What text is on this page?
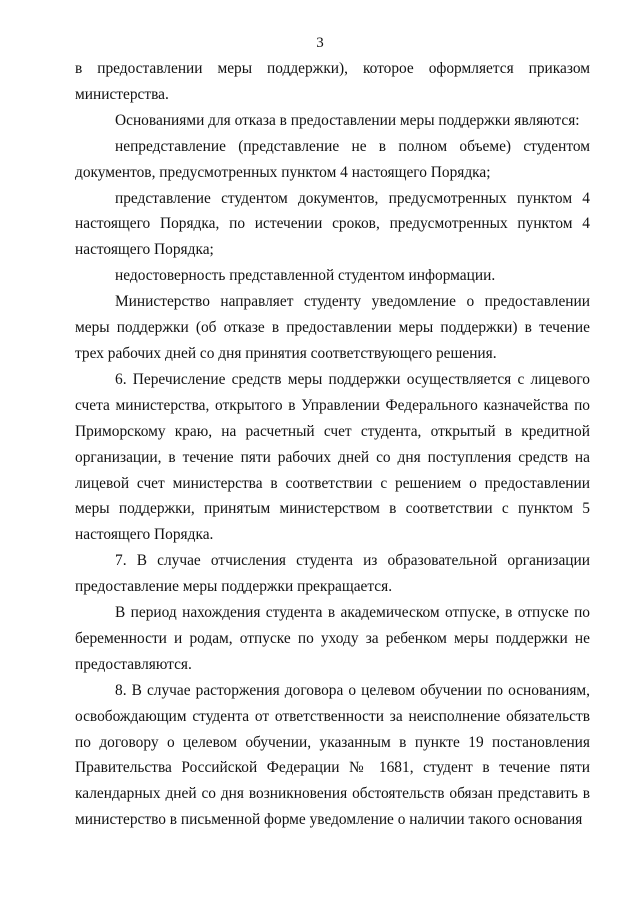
3

в предоставлении меры поддержки), которое оформляется приказом министерства.

Основаниями для отказа в предоставлении меры поддержки являются:

непредставление (представление не в полном объеме) студентом документов, предусмотренных пунктом 4 настоящего Порядка;

представление студентом документов, предусмотренных пунктом 4 настоящего Порядка, по истечении сроков, предусмотренных пунктом 4 настоящего Порядка;

недостоверность представленной студентом информации.

Министерство направляет студенту уведомление о предоставлении меры поддержки (об отказе в предоставлении меры поддержки) в течение трех рабочих дней со дня принятия соответствующего решения.

6. Перечисление средств меры поддержки осуществляется с лицевого счета министерства, открытого в Управлении Федерального казначейства по Приморскому краю, на расчетный счет студента, открытый в кредитной организации, в течение пяти рабочих дней со дня поступления средств на лицевой счет министерства в соответствии с решением о предоставлении меры поддержки, принятым министерством в соответствии с пунктом 5 настоящего Порядка.

7. В случае отчисления студента из образовательной организации предоставление меры поддержки прекращается.

В период нахождения студента в академическом отпуске, в отпуске по беременности и родам, отпуске по уходу за ребенком меры поддержки не предоставляются.

8. В случае расторжения договора о целевом обучении по основаниям, освобождающим студента от ответственности за неисполнение обязательств по договору о целевом обучении, указанным в пункте 19 постановления Правительства Российской Федерации № 1681, студент в течение пяти календарных дней со дня возникновения обстоятельств обязан представить в министерство в письменной форме уведомление о наличии такого основания
